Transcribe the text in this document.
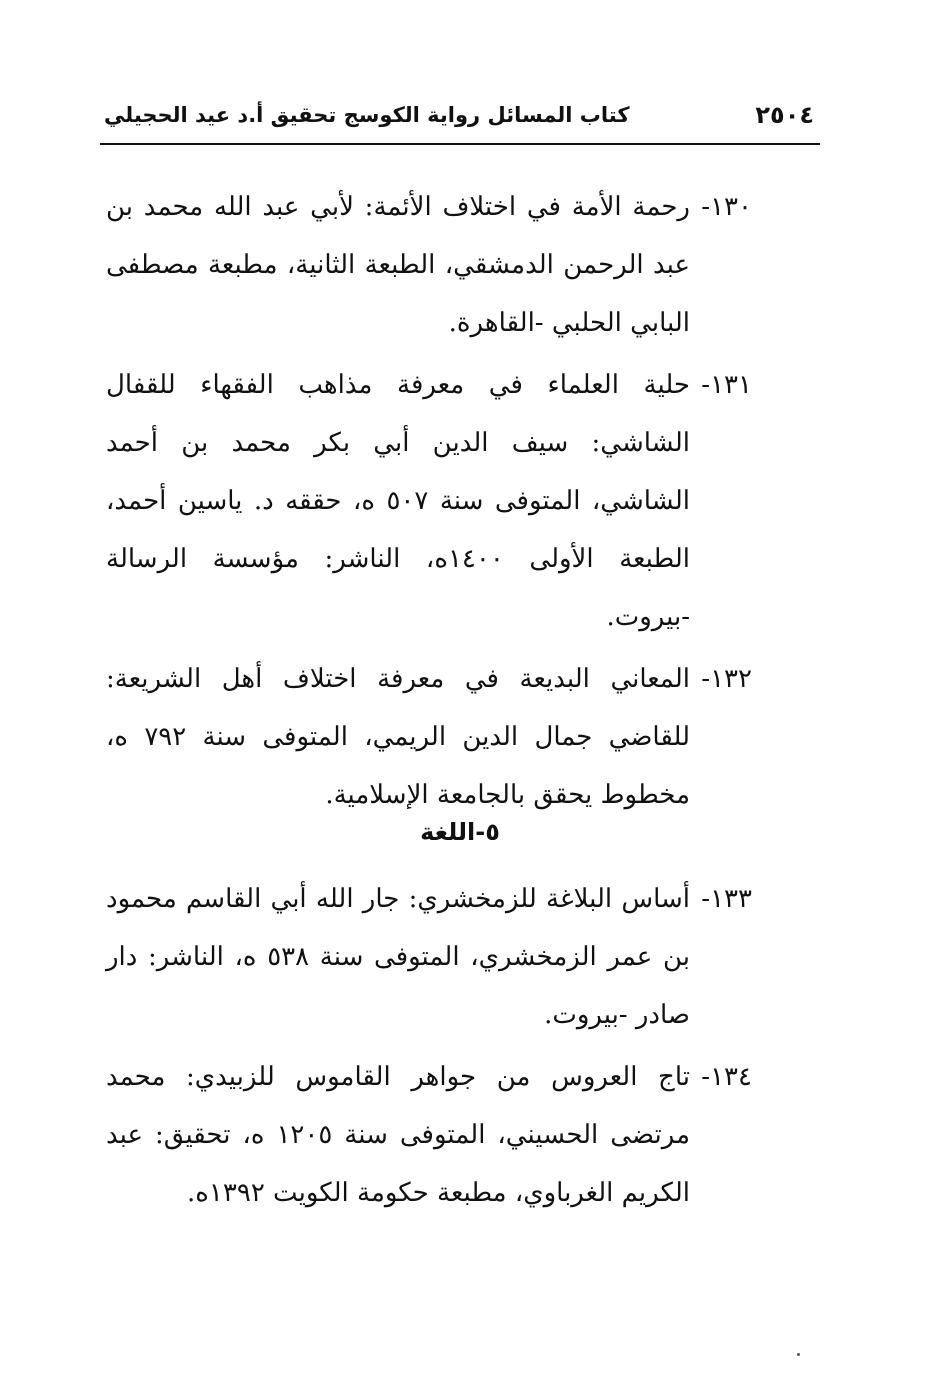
٢٥٠٤
كتاب المسائل رواية الكوسج تحقيق أ.د عيد الحجيلي
١٣٠-
رحمة الأمة في اختلاف الأئمة: لأبي عبد الله محمد بن عبد الرحمن الدمشقي، الطبعة الثانية، مطبعة مصطفى البابي الحلبي -القاهرة.
١٣١-
حلية العلماء في معرفة مذاهب الفقهاء للقفال الشاشي: سيف الدين أبي بكر محمد بن أحمد الشاشي، المتوفى سنة ٥٠٧ ه، حققه د. ياسين أحمد، الطبعة الأولى ١٤٠٠ه، الناشر: مؤسسة الرسالة -بيروت.
١٣٢-
المعاني البديعة في معرفة اختلاف أهل الشريعة: للقاضي جمال الدين الريمي، المتوفى سنة ٧٩٢ ه، مخطوط يحقق بالجامعة الإسلامية.
٥-اللغة
١٣٣-
أساس البلاغة للزمخشري: جار الله أبي القاسم محمود بن عمر الزمخشري، المتوفى سنة ٥٣٨ ه، الناشر: دار صادر -بيروت.
١٣٤-
تاج العروس من جواهر القاموس للزبيدي: محمد مرتضى الحسيني، المتوفى سنة ١٢٠٥ ه، تحقيق: عبد الكريم الغرباوي، مطبعة حكومة الكويت ١٣٩٢ه.
